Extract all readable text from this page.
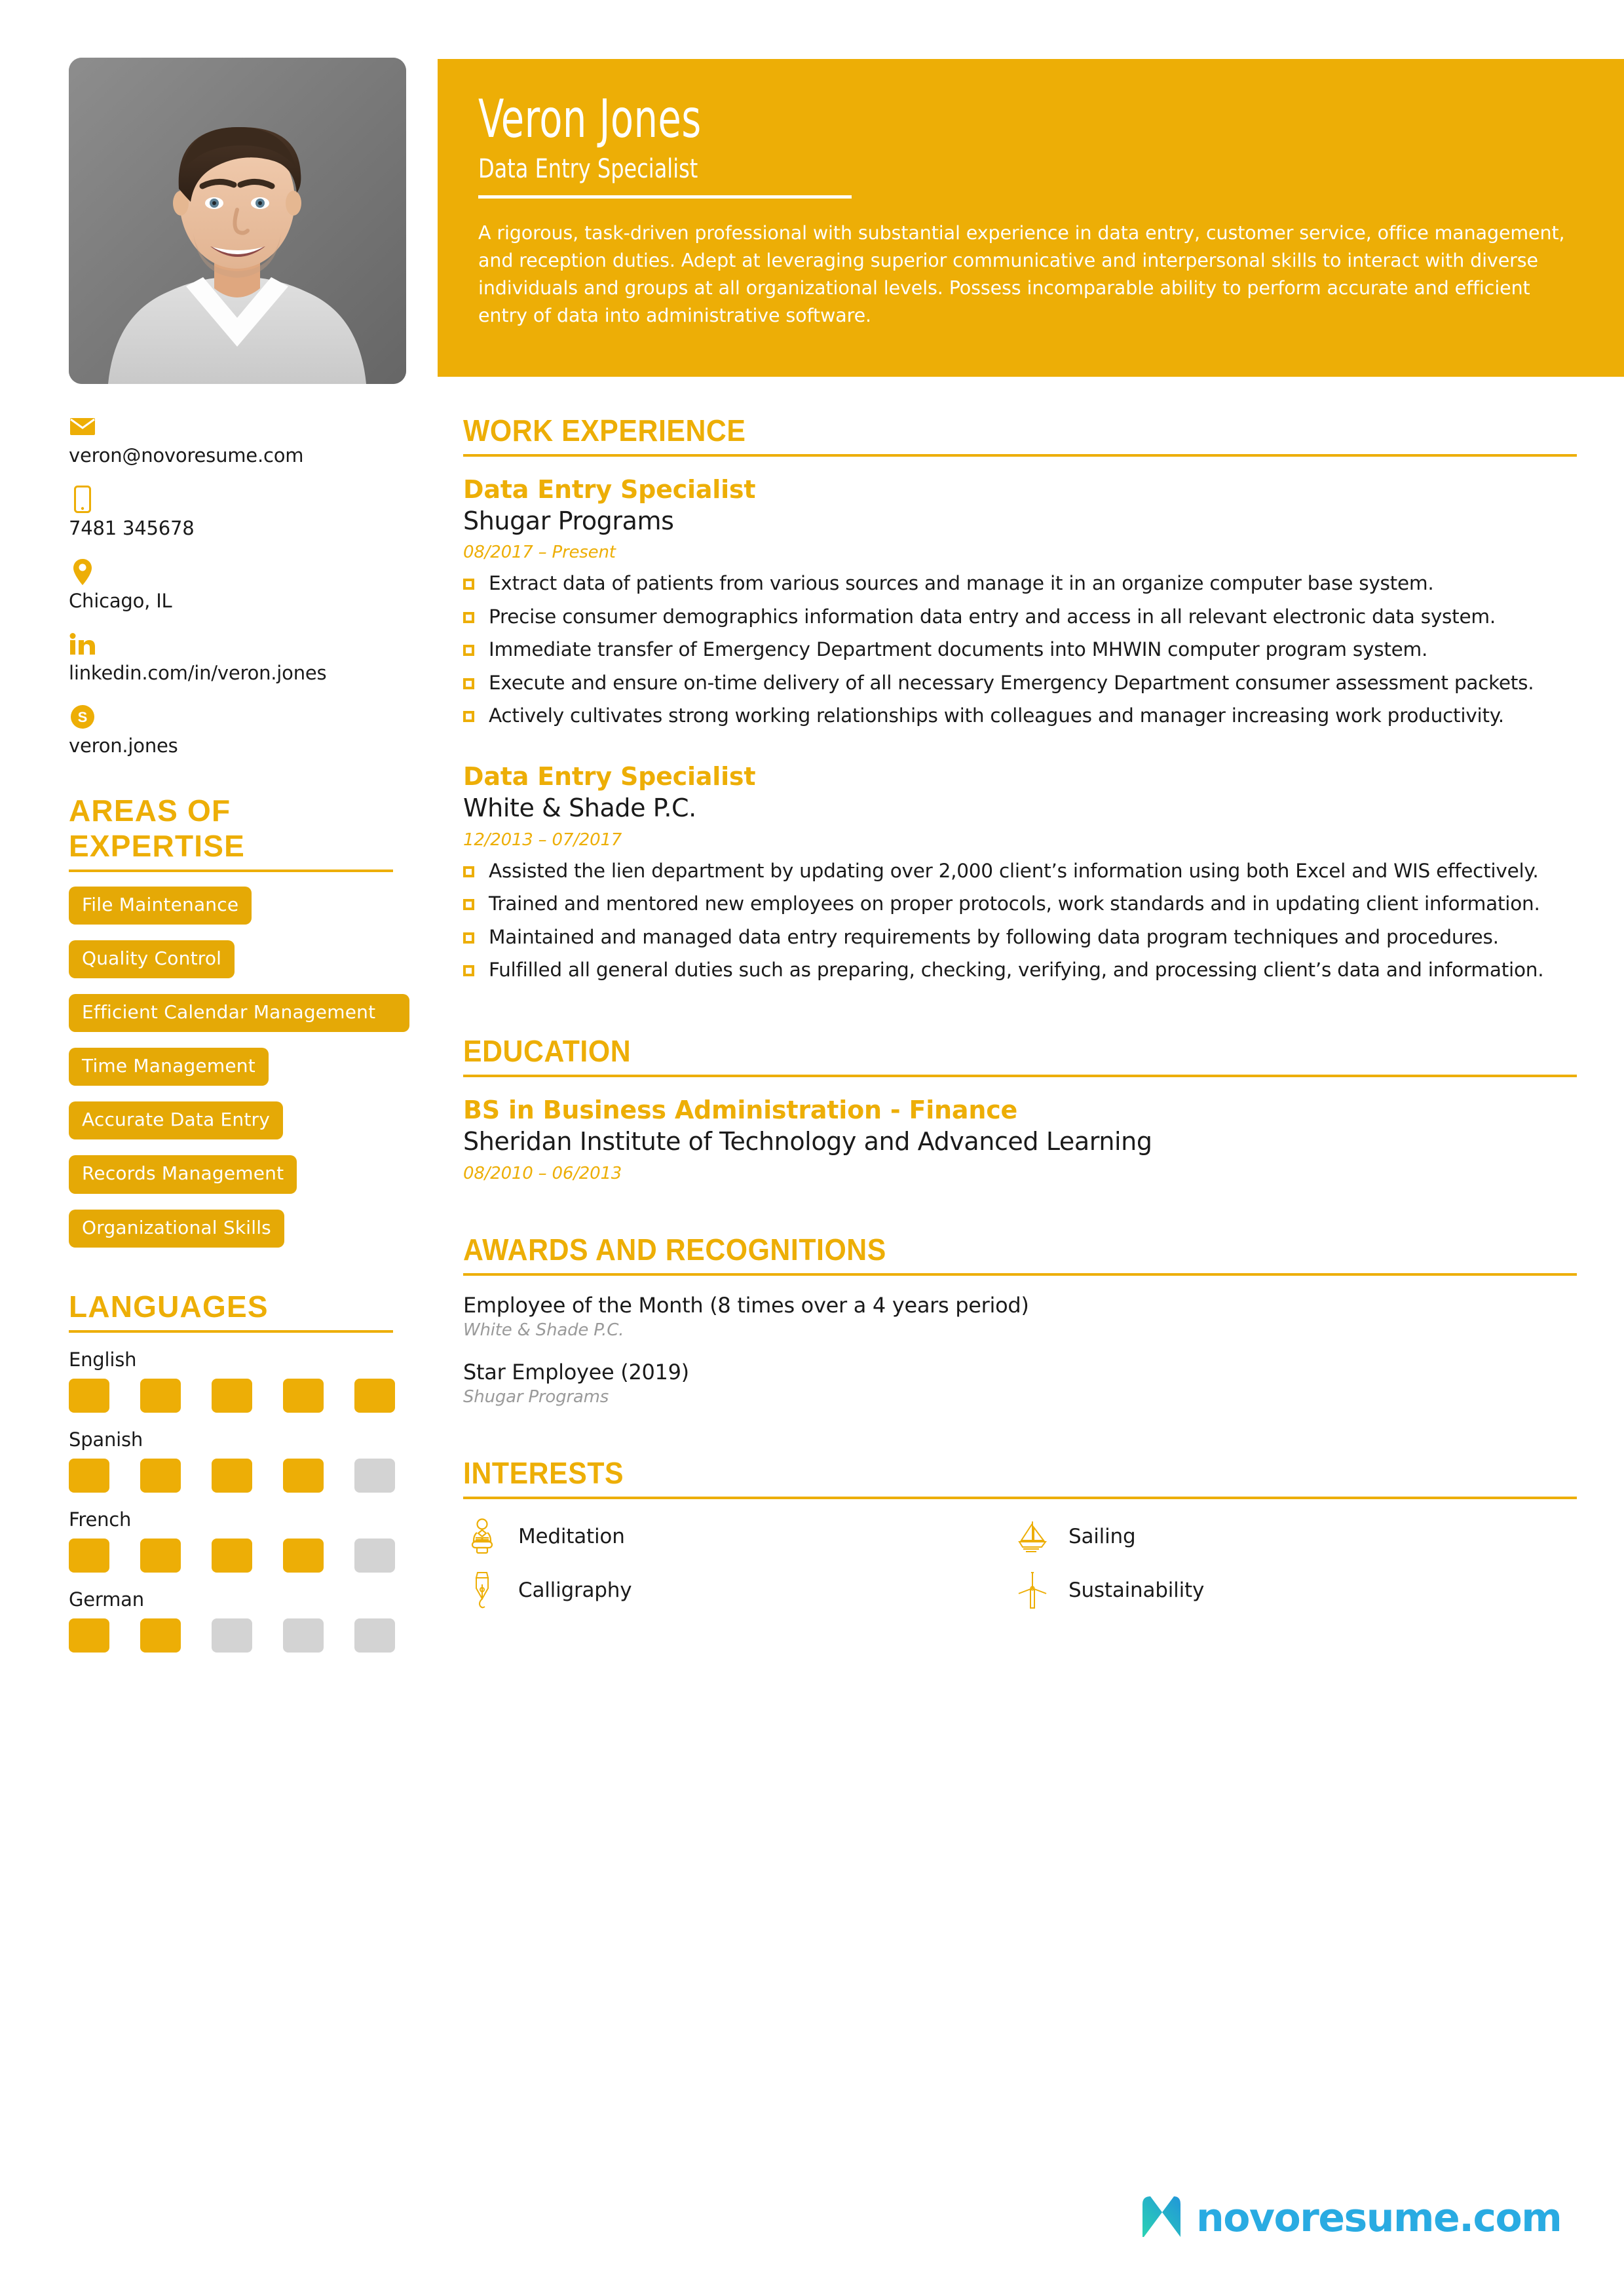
Veron Jones
Data Entry Specialist
A rigorous, task-driven professional with substantial experience in data entry, customer service, office management, and reception duties. Adept at leveraging superior communicative and interpersonal skills to interact with diverse individuals and groups at all organizational levels. Possess incomparable ability to perform accurate and efficient entry of data into administrative software.
veron@novoresume.com
7481 345678
Chicago, IL
linkedin.com/in/veron.jones
S
veron.jones
AREAS OF EXPERTISE
File Maintenance Quality Control
Efficient Calendar Management
Time Management Accurate Data Entry Records Management Organizational Skills
LANGUAGES
English
Spanish
French
German
WORK EXPERIENCE
Data Entry Specialist
Shugar Programs
08/2017 – Present
Extract data of patients from various sources and manage it in an organize computer base system.
Precise consumer demographics information data entry and access in all relevant electronic data system.
Immediate transfer of Emergency Department documents into MHWIN computer program system.
Execute and ensure on-time delivery of all necessary Emergency Department consumer assessment packets.
Actively cultivates strong working relationships with colleagues and manager increasing work productivity.
Data Entry Specialist
White & Shade P.C.
12/2013 – 07/2017
Assisted the lien department by updating over 2,000 client’s information using both Excel and WIS effectively.
Trained and mentored new employees on proper protocols, work standards and in updating client information.
Maintained and managed data entry requirements by following data program techniques and procedures.
Fulfilled all general duties such as preparing, checking, verifying, and processing client’s data and information.
EDUCATION
BS in Business Administration - Finance
Sheridan Institute of Technology and Advanced Learning
08/2010 – 06/2013
AWARDS AND RECOGNITIONS
Employee of the Month (8 times over a 4 years period)
White & Shade P.C.
Star Employee (2019)
Shugar Programs
INTERESTS
Meditation	Sailing
Calligraphy	Sustainability
novoresume.com
